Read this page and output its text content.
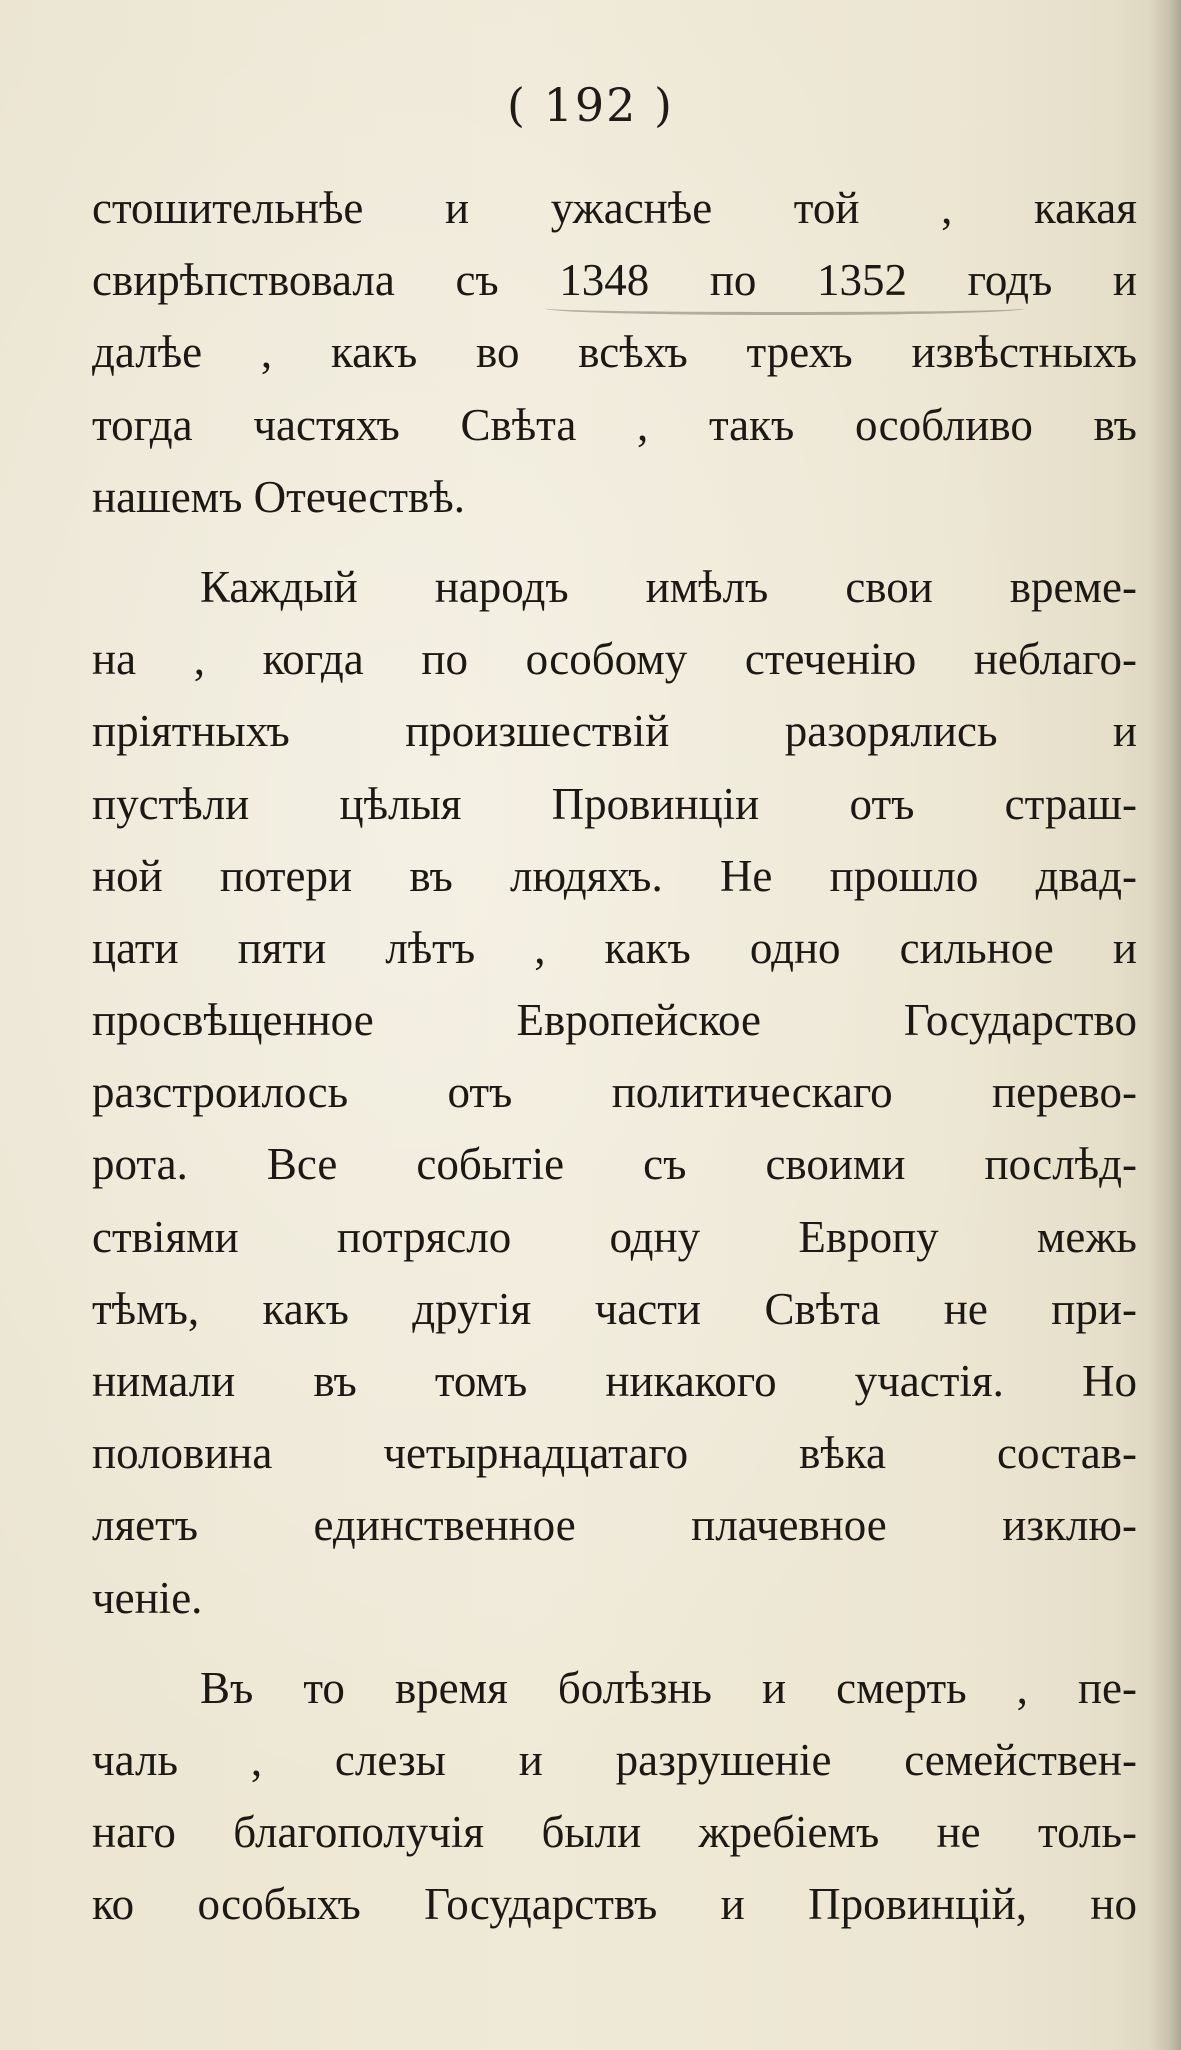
( 192 )
стошительнѣе и ужаснѣе той , какая
свирѣпствовала съ 1348 по 1352 годъ и
далѣе , какъ во всѣхъ трехъ извѣстныхъ
тогда частяхъ Свѣта , такъ особливо въ
нашемъ Отечествѣ.
Каждый народъ имѣлъ свои време-
на , когда по особому стеченію неблаго-
пріятныхъ	произшествій	разорялись	и
пустѣли цѣлыя Провинціи отъ страш-
ной потери въ людяхъ. Не прошло двад-
цати пяти лѣтъ , какъ одно сильное и
просвѣщенное	Европейское	Государство
разстроилось отъ политическаго перево-
рота. Все событіе съ своими послѣд-
ствіями потрясло одну Европу межь
тѣмъ, какъ другія части Свѣта не при-
нимали въ томъ никакого участія. Но
половина четырнадцатаго вѣка состав-
ляетъ	единственное	плачевное	изклю-
ченіе.
Въ то время болѣзнь и смерть , пе-
чаль , слезы и разрушеніе семействен-
наго благополучія были жребіемъ не толь-
ко особыхъ Государствъ и Провинцій, но
